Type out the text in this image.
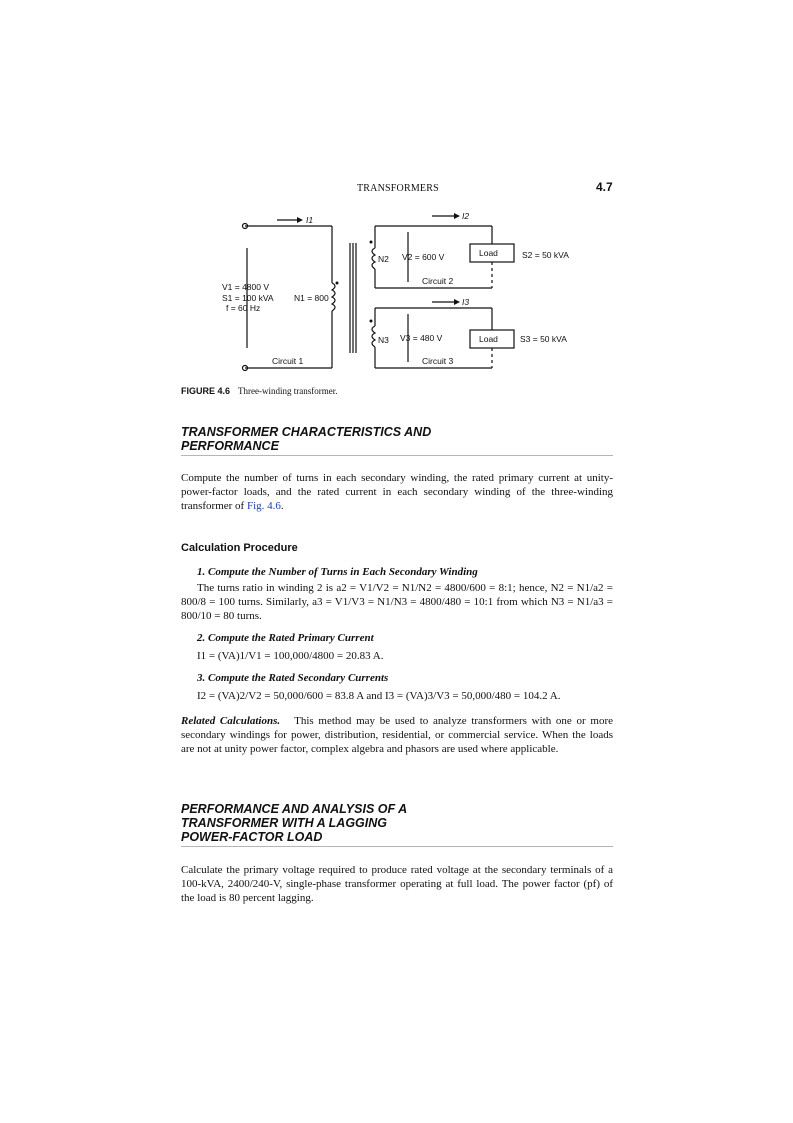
TRANSFORMERS	4.7
I1	I2
I3
V1 = 4800 V
S1 = 100 kVA
f = 60 Hz
N1 = 800
N2 V2 = 600 V	Load	S2 = 50 kVA
Circuit 2
N3 V3 = 480 V	Load	S3 = 50 kVA
Circuit 3
Circuit 1
FIGURE 4.6 Three-winding transformer.
TRANSFORMER CHARACTERISTICS AND
PERFORMANCE
Compute the number of turns in each secondary winding, the rated primary current at unity-power-factor loads, and the rated current in each secondary winding of the three-winding transformer of Fig. 4.6.
Calculation Procedure
1. Compute the Number of Turns in Each Secondary Winding
The turns ratio in winding 2 is a2 = V1/V2 = N1/N2 = 4800/600 = 8:1; hence, N2 = N1/a2 = 800/8 = 100 turns. Similarly, a3 = V1/V3 = N1/N3 = 4800/480 = 10:1 from which N3 = N1/a3 = 800/10 = 80 turns.
2. Compute the Rated Primary Current
I1 = (VA)1/V1 = 100,000/4800 = 20.83 A.
3. Compute the Rated Secondary Currents
I2 = (VA)2/V2 = 50,000/600 = 83.8 A and I3 = (VA)3/V3 = 50,000/480 = 104.2 A.
Related Calculations. This method may be used to analyze transformers with one or more secondary windings for power, distribution, residential, or commercial service. When the loads are not at unity power factor, complex algebra and phasors are used where applicable.
PERFORMANCE AND ANALYSIS OF A
TRANSFORMER WITH A LAGGING
POWER-FACTOR LOAD
Calculate the primary voltage required to produce rated voltage at the secondary terminals of a 100-kVA, 2400/240-V, single-phase transformer operating at full load. The power factor (pf) of the load is 80 percent lagging.
